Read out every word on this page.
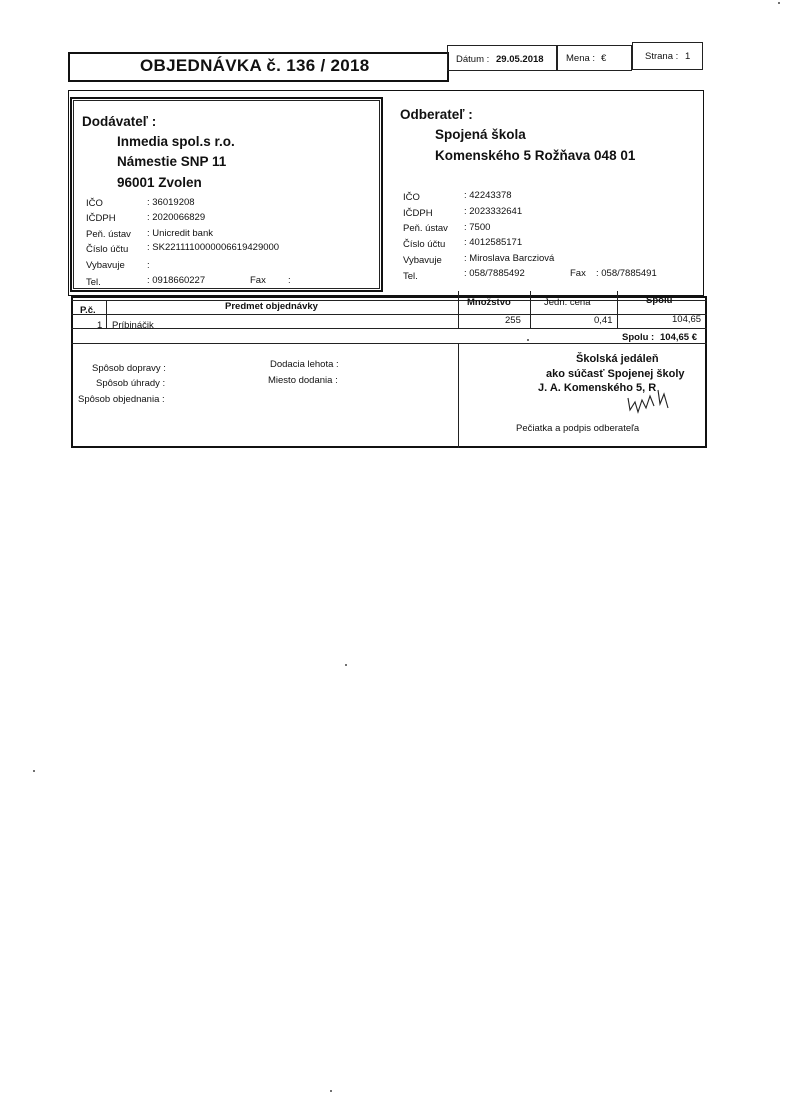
OBJEDNÁVKA č. 136 / 2018	Dátum : 29.05.2018 Mena : €	Strana : 1
Dodávateľ :
Inmedia spol.s r.o.
Námestie SNP 11
96001 Zvolen
IČO	: 36019208
IČDPH	: 2020066829
Peň. ústav : Unicredit bank
Číslo účtu : SK2211110000006619429000
Vybavuje :
Tel.	: 0918660227	Fax :
Odberateľ :
Spojená škola
Komenského 5 Rožňava 048 01
IČO	: 42243378
IČDPH	: 2023332641
Peň. ústav : 7500
Číslo účtu : 4012585171
Vybavuje : Miroslava Barcziová
Tel.	: 058/7885492	Fax : 058/7885491
P.č.	Predmet objednávky	Množstvo	Jedn. cena	Spolu
1 Príbináčik	255	0,41	104,65
Spolu : 104,65 €
Spôsob dopravy :
Spôsob úhrady :
Spôsob objednania :
Dodacia lehota :
Miesto dodania :
Školská jedáleň
ako súčasť Spojenej školy
J. A. Komenského 5, R
Pečiatka a podpis odberateľa
